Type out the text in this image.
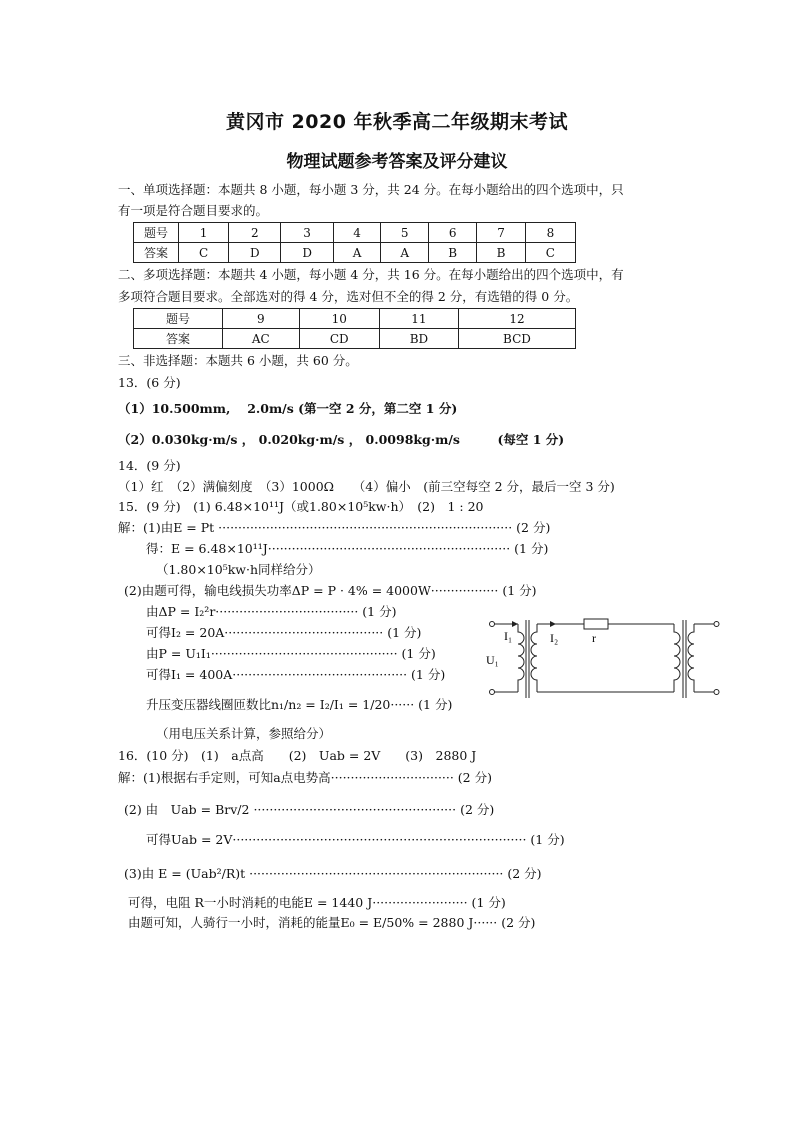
黄冈市 2020 年秋季高二年级期末考试
物理试题参考答案及评分建议
一、单项选择题：本题共 8 小题，每小题 3 分，共 24 分。在每小题给出的四个选项中，只
有一项是符合题目要求的。
题号	1	2	3	4	5	6	7	8
答案	C	D	D	A	A	B	B	C
二、多项选择题：本题共 4 小题，每小题 4 分，共 16 分。在每小题给出的四个选项中，有
多项符合题目要求。全部选对的得 4 分，选对但不全的得 2 分，有选错的得 0 分。
题号	9	10	11	12
答案	AC	CD	BD	BCD
三、非选择题：本题共 6 小题，共 60 分。
13．(6 分)
（1）10.500mm,　 2.0m/s (第一空 2 分，第二空 1 分)
（2）0.030kg·m/s ， 0.020kg·m/s ， 0.0098kg·m/s　　　(每空 1 分)
14．(9 分)
（1）红　（2）满偏刻度　（3）1000Ω　　（4）偏小　(前三空每空 2 分，最后一空 3 分)
15．(9 分)　(1) 6.48×10¹¹J（或1.80×10⁵kw·h）　(2)　1 : 20
解：(1)由E = Pt ·········································································· (2 分)
得：E = 6.48×10¹¹J····························································· (1 分)
（1.80×10⁵kw·h同样给分）
(2)由题可得，输电线损失功率ΔP = P · 4% = 4000W················· (1 分)
由ΔP = I₂²r···································· (1 分)
可得I₂ = 20A········································ (1 分)
由P = U₁I₁··············································· (1 分)
可得I₁ = 400A············································ (1 分)
升压变压器线圈匝数比n₁/n₂ = I₂/I₁ = 1/20······ (1 分)
（用电压关系计算，参照给分）
I₁	I₂	r
U₁
16．(10 分)　(1)　a点高　　(2)　Uab = 2V　　(3)　2880 J
解：(1)根据右手定则，可知a点电势高······························· (2 分)
(2) 由　Uab = Brv/2 ··················································· (2 分)
可得Uab = 2V·········································································· (1 分)
(3)由 E = (Uab²/R)t ································································ (2 分)
可得，电阻 R一小时消耗的电能E = 1440 J························ (1 分)
由题可知，人骑行一小时，消耗的能量E₀ = E/50% = 2880 J······ (2 分)
